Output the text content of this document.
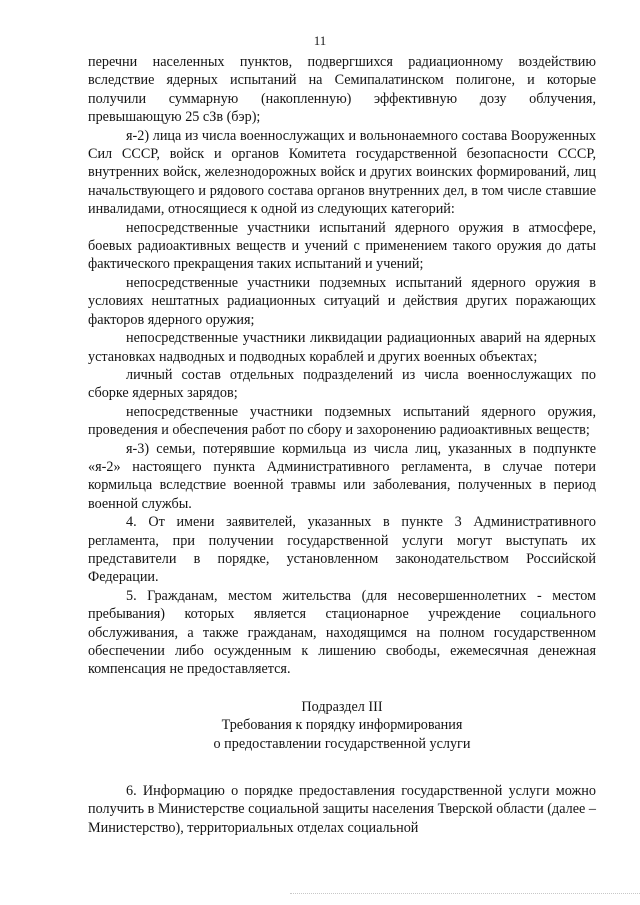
11

перечни населенных пунктов, подвергшихся радиационному воздействию вследствие ядерных испытаний на Семипалатинском полигоне, и которые получили суммарную (накопленную) эффективную дозу облучения, превышающую 25 сЗв (бэр);

я-2) лица из числа военнослужащих и вольнонаемного состава Вооруженных Сил СССР, войск и органов Комитета государственной безопасности СССР, внутренних войск, железнодорожных войск и других воинских формирований, лиц начальствующего и рядового состава органов внутренних дел, в том числе ставшие инвалидами, относящиеся к одной из следующих категорий:

непосредственные участники испытаний ядерного оружия в атмосфере, боевых радиоактивных веществ и учений с применением такого оружия до даты фактического прекращения таких испытаний и учений;

непосредственные участники подземных испытаний ядерного оружия в условиях нештатных радиационных ситуаций и действия других поражающих факторов ядерного оружия;

непосредственные участники ликвидации радиационных аварий на ядерных установках надводных и подводных кораблей и других военных объектах;

личный состав отдельных подразделений из числа военнослужащих по сборке ядерных зарядов;

непосредственные участники подземных испытаний ядерного оружия, проведения и обеспечения работ по сбору и захоронению радиоактивных веществ;

я-3) семьи, потерявшие кормильца из числа лиц, указанных в подпункте «я-2» настоящего пункта Административного регламента, в случае потери кормильца вследствие военной травмы или заболевания, полученных в период военной службы.

4. От имени заявителей, указанных в пункте 3 Административного регламента, при получении государственной услуги могут выступать их представители в порядке, установленном законодательством Российской Федерации.

5. Гражданам, местом жительства (для несовершеннолетних - местом пребывания) которых является стационарное учреждение социального обслуживания, а также гражданам, находящимся на полном государственном обеспечении либо осужденным к лишению свободы, ежемесячная денежная компенсация не предоставляется.

Подраздел III
Требования к порядку информирования
о предоставлении государственной услуги

6. Информацию о порядке предоставления государственной услуги можно получить в Министерстве социальной защиты населения Тверской области (далее – Министерство), территориальных отделах социальной
